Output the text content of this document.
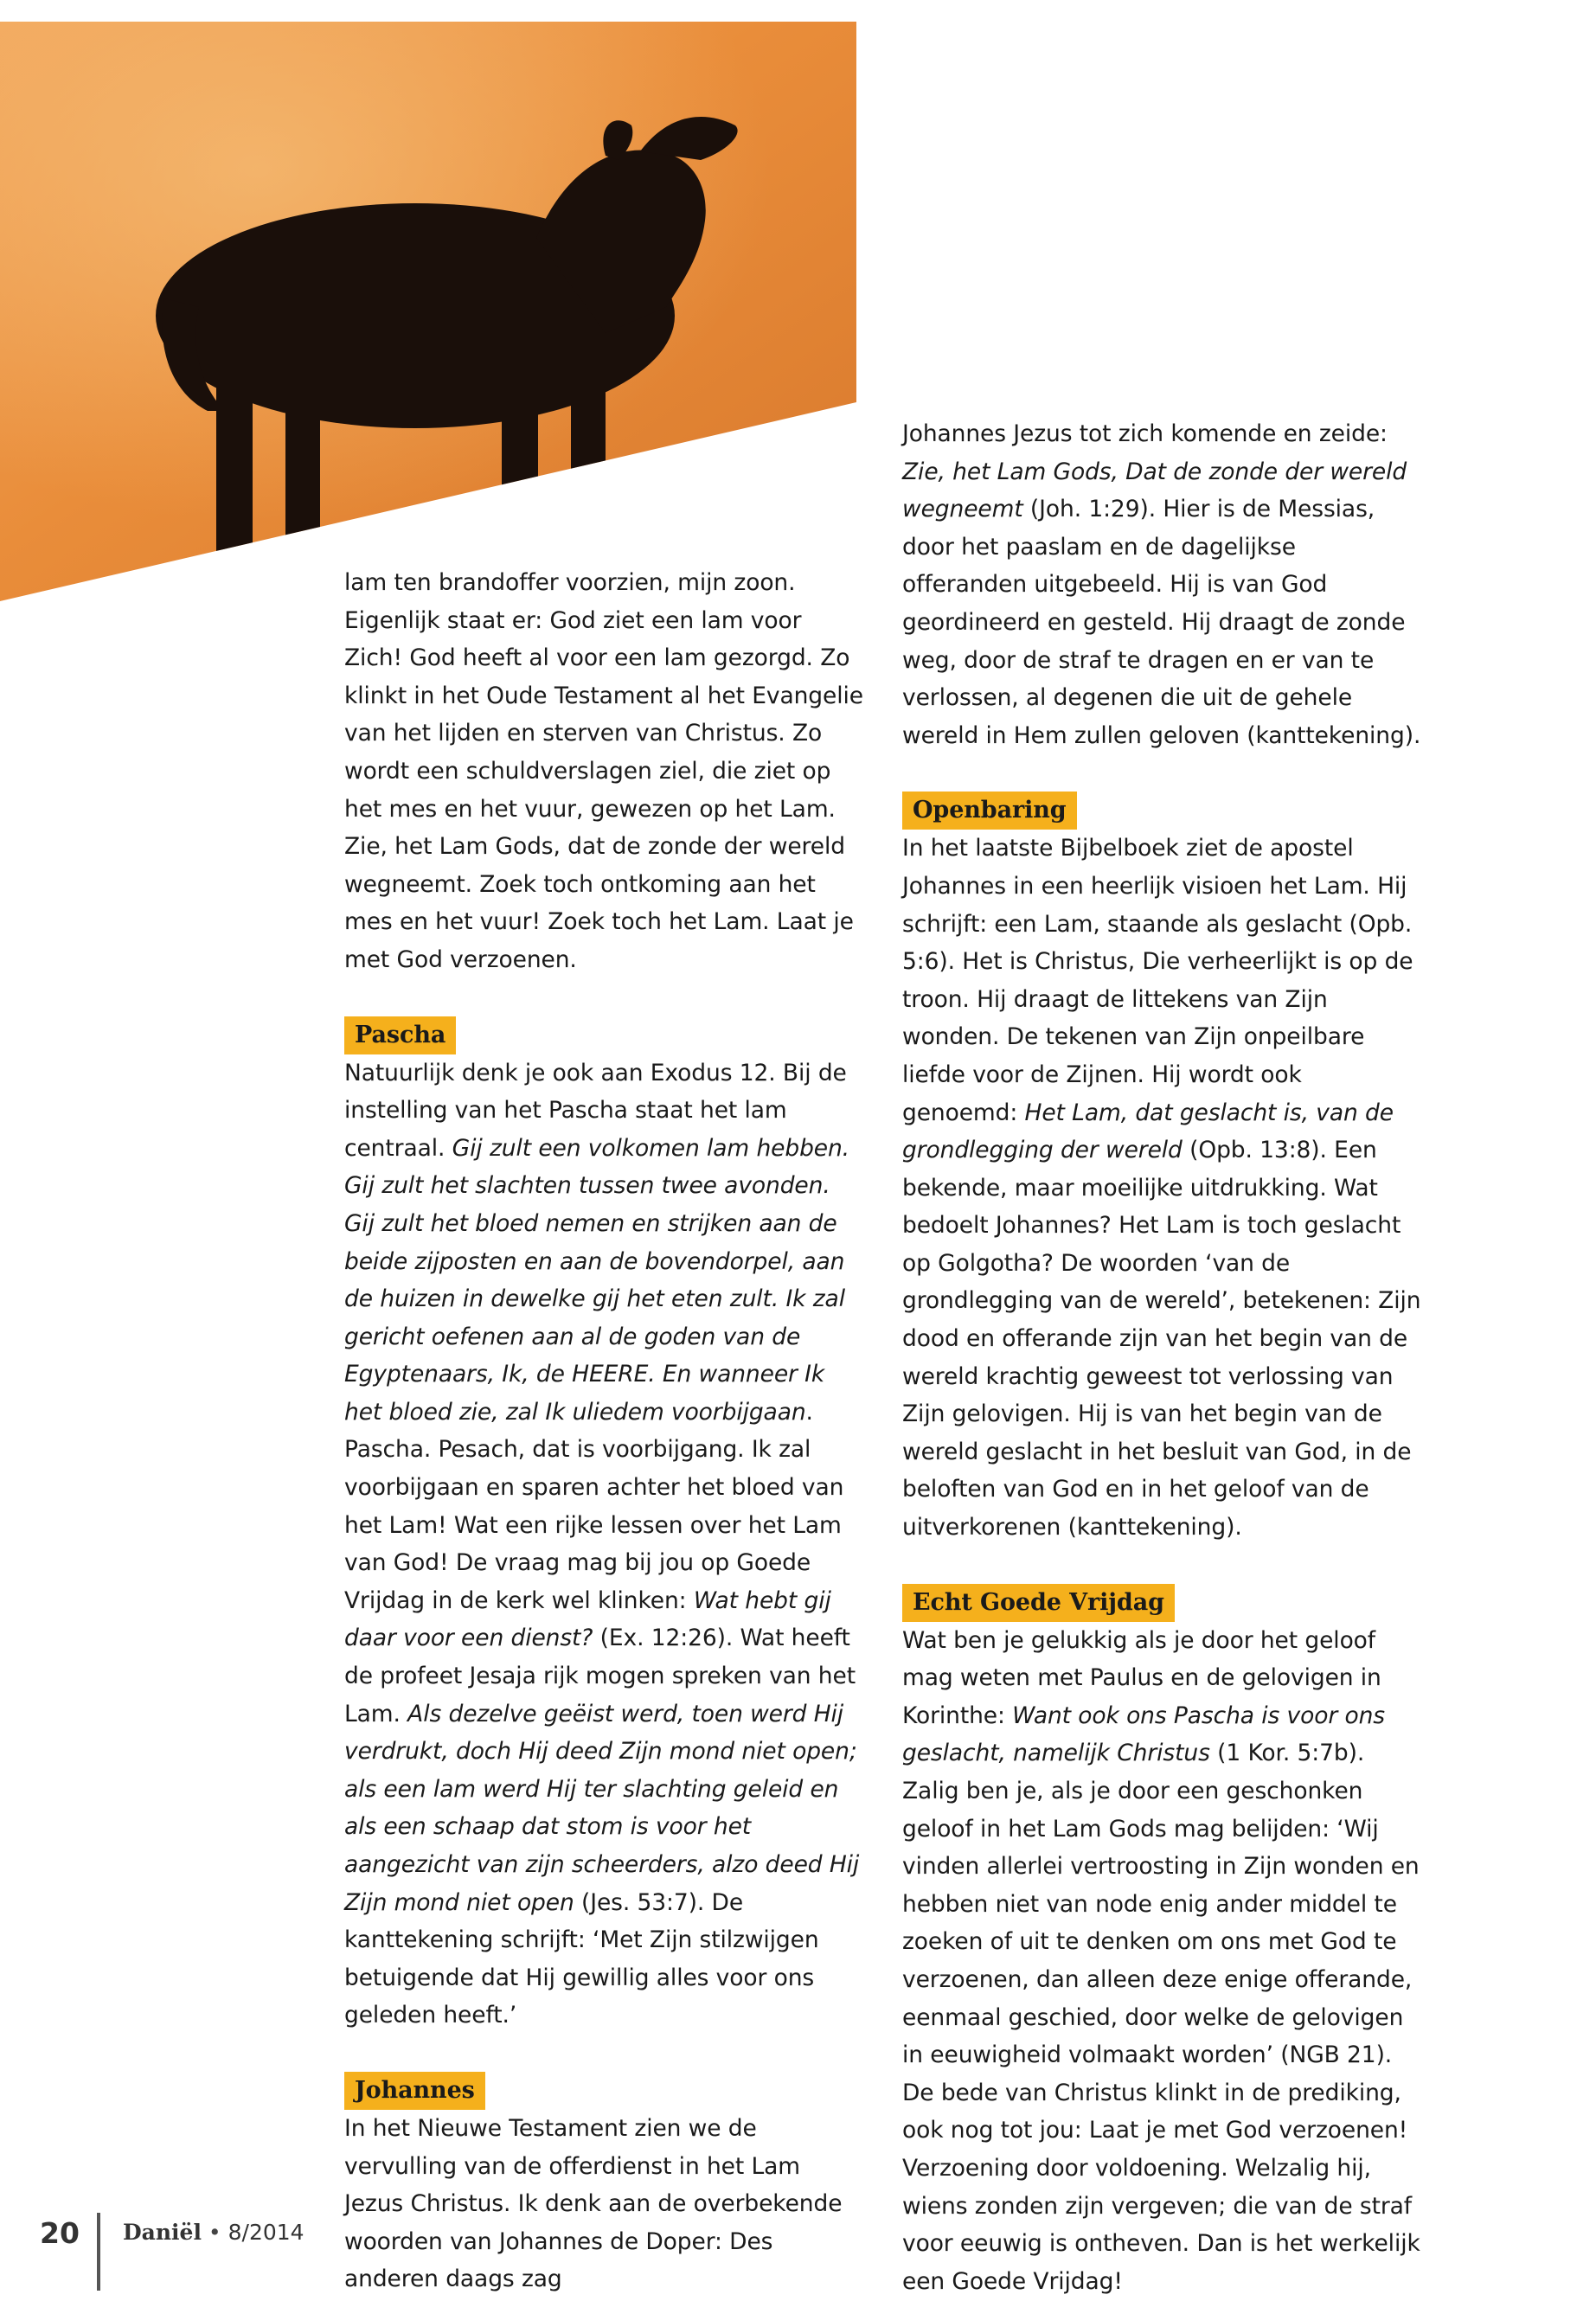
lam ten brandoffer voorzien, mijn zoon. Eigenlijk staat er: God ziet een lam voor Zich! God heeft al voor een lam gezorgd. Zo klinkt in het Oude Testament al het Evangelie van het lijden en sterven van Christus. Zo wordt een schuldverslagen ziel, die ziet op het mes en het vuur, gewezen op het Lam. Zie, het Lam Gods, dat de zonde der wereld wegneemt. Zoek toch ontkoming aan het mes en het vuur! Zoek toch het Lam. Laat je met God verzoenen.

Pascha

Natuurlijk denk je ook aan Exodus 12. Bij de instelling van het Pascha staat het lam centraal. Gij zult een volkomen lam hebben. Gij zult het slachten tussen twee avonden. Gij zult het bloed nemen en strijken aan de beide zijposten en aan de bovendorpel, aan de huizen in dewelke gij het eten zult. Ik zal gericht oefenen aan al de goden van de Egyptenaars, Ik, de HEERE. En wanneer Ik het bloed zie, zal Ik uliedem voorbijgaan. Pascha. Pesach, dat is voorbijgang. Ik zal voorbijgaan en sparen achter het bloed van het Lam! Wat een rijke lessen over het Lam van God! De vraag mag bij jou op Goede Vrijdag in de kerk wel klinken: Wat hebt gij daar voor een dienst? (Ex. 12:26). Wat heeft de profeet Jesaja rijk mogen spreken van het Lam. Als dezelve geëist werd, toen werd Hij verdrukt, doch Hij deed Zijn mond niet open; als een lam werd Hij ter slachting geleid en als een schaap dat stom is voor het aangezicht van zijn scheerders, alzo deed Hij Zijn mond niet open (Jes. 53:7). De kanttekening schrijft: ‘Met Zijn stilzwijgen betuigende dat Hij gewillig alles voor ons geleden heeft.’

Johannes

In het Nieuwe Testament zien we de vervulling van de offerdienst in het Lam Jezus Christus. Ik denk aan de overbekende woorden van Johannes de Doper: Des anderen daags zag

Johannes Jezus tot zich komende en zeide: Zie, het Lam Gods, Dat de zonde der wereld wegneemt (Joh. 1:29). Hier is de Messias, door het paaslam en de dagelijkse offeranden uitgebeeld. Hij is van God geordineerd en gesteld. Hij draagt de zonde weg, door de straf te dragen en er van te verlossen, al degenen die uit de gehele wereld in Hem zullen geloven (kanttekening).

Openbaring

In het laatste Bijbelboek ziet de apostel Johannes in een heerlijk visioen het Lam. Hij schrijft: een Lam, staande als geslacht (Opb. 5:6). Het is Christus, Die verheerlijkt is op de troon. Hij draagt de littekens van Zijn wonden. De tekenen van Zijn onpeilbare liefde voor de Zijnen. Hij wordt ook genoemd: Het Lam, dat geslacht is, van de grondlegging der wereld (Opb. 13:8). Een bekende, maar moeilijke uitdrukking. Wat bedoelt Johannes? Het Lam is toch geslacht op Golgotha? De woorden ‘van de grondlegging van de wereld’, betekenen: Zijn dood en offerande zijn van het begin van de wereld krachtig geweest tot verlossing van Zijn gelovigen. Hij is van het begin van de wereld geslacht in het besluit van God, in de beloften van God en in het geloof van de uitverkorenen (kanttekening).

Echt Goede Vrijdag

Wat ben je gelukkig als je door het geloof mag weten met Paulus en de gelovigen in Korinthe: Want ook ons Pascha is voor ons geslacht, namelijk Christus (1 Kor. 5:7b). Zalig ben je, als je door een geschonken geloof in het Lam Gods mag belijden: ‘Wij vinden allerlei vertroosting in Zijn wonden en hebben niet van node enig ander middel te zoeken of uit te denken om ons met God te verzoenen, dan alleen deze enige offerande, eenmaal geschied, door welke de gelovigen in eeuwigheid volmaakt worden’ (NGB 21).

De bede van Christus klinkt in de prediking, ook nog tot jou: Laat je met God verzoenen! Verzoening door voldoening. Welzalig hij, wiens zonden zijn vergeven; die van de straf voor eeuwig is ontheven. Dan is het werkelijk een Goede Vrijdag!

20 Daniël • 8/2014
